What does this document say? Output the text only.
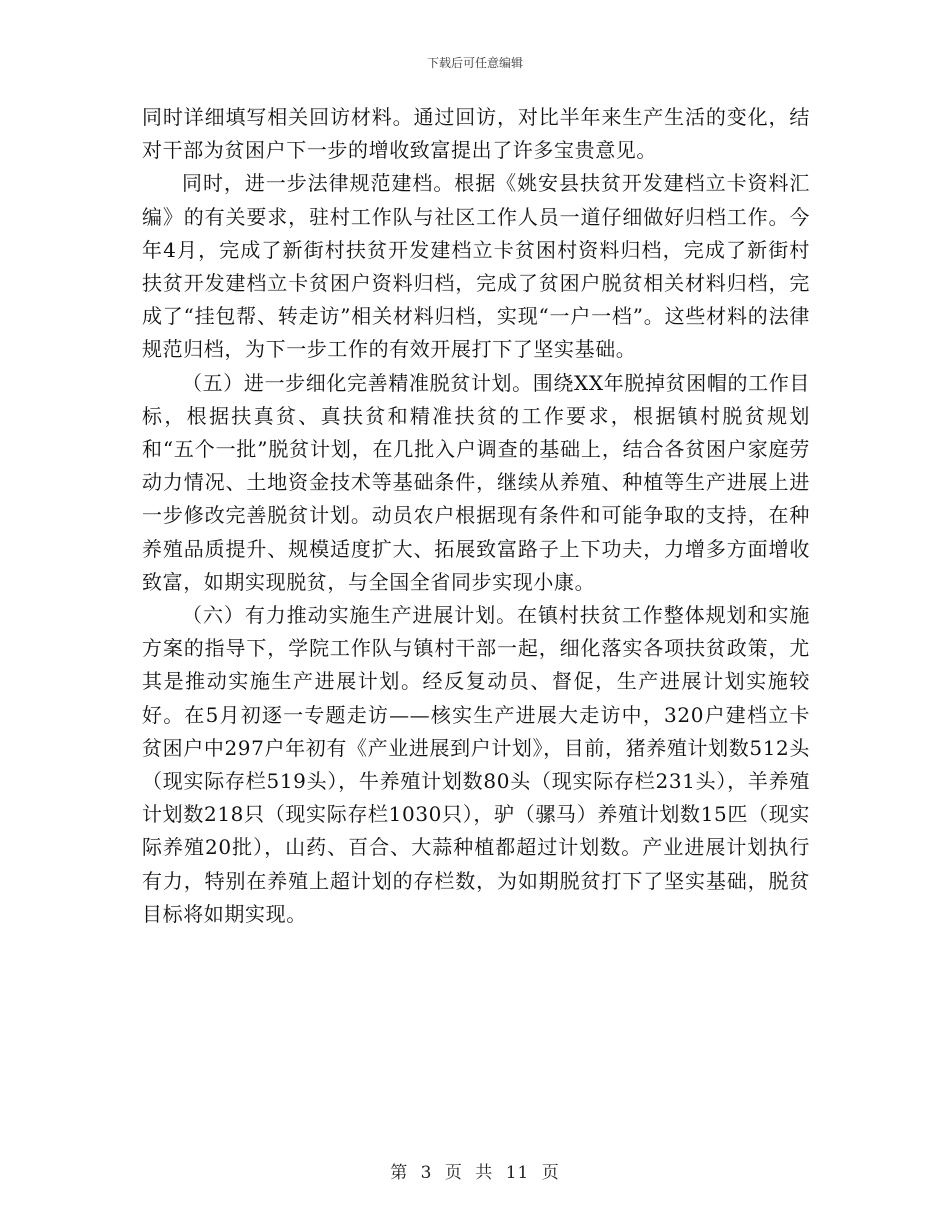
下载后可任意编辑

同时详细填写相关回访材料。通过回访，对比半年来生产生活的变化，结对干部为贫困户下一步的增收致富提出了许多宝贵意见。

同时，进一步法律规范建档。根据《姚安县扶贫开发建档立卡资料汇编》的有关要求，驻村工作队与社区工作人员一道仔细做好归档工作。今年4月，完成了新街村扶贫开发建档立卡贫困村资料归档，完成了新街村扶贫开发建档立卡贫困户资料归档，完成了贫困户脱贫相关材料归档，完成了“挂包帮、转走访”相关材料归档，实现“一户一档”。这些材料的法律规范归档，为下一步工作的有效开展打下了坚实基础。

（五）进一步细化完善精准脱贫计划。围绕XX年脱掉贫困帽的工作目标，根据扶真贫、真扶贫和精准扶贫的工作要求，根据镇村脱贫规划和“五个一批”脱贫计划，在几批入户调查的基础上，结合各贫困户家庭劳动力情况、土地资金技术等基础条件，继续从养殖、种植等生产进展上进一步修改完善脱贫计划。动员农户根据现有条件和可能争取的支持，在种养殖品质提升、规模适度扩大、拓展致富路子上下功夫，力增多方面增收致富，如期实现脱贫，与全国全省同步实现小康。

（六）有力推动实施生产进展计划。在镇村扶贫工作整体规划和实施方案的指导下，学院工作队与镇村干部一起，细化落实各项扶贫政策，尤其是推动实施生产进展计划。经反复动员、督促，生产进展计划实施较好。在5月初逐一专题走访——核实生产进展大走访中，320户建档立卡贫困户中297户年初有《产业进展到户计划》，目前，猪养殖计划数512头（现实际存栏519头），牛养殖计划数80头（现实际存栏231头），羊养殖计划数218只（现实际存栏1030只），驴（骡马）养殖计划数15匹（现实际养殖20批），山药、百合、大蒜种植都超过计划数。产业进展计划执行有力，特别在养殖上超计划的存栏数，为如期脱贫打下了坚实基础，脱贫目标将如期实现。

第 3 页 共 11 页
